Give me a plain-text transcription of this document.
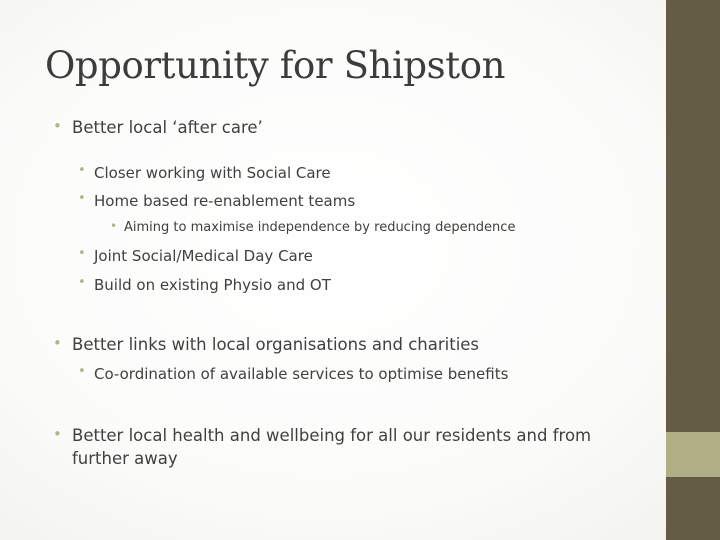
Opportunity for Shipston
• Better local ‘after care’
• Closer working with Social Care
• Home based re-enablement teams
• Aiming to maximise independence by reducing dependence
• Joint Social/Medical Day Care
• Build on existing Physio and OT
• Better links with local organisations and charities
• Co-ordination of available services to optimise benefits
• Better local health and wellbeing for all our residents and from further away
